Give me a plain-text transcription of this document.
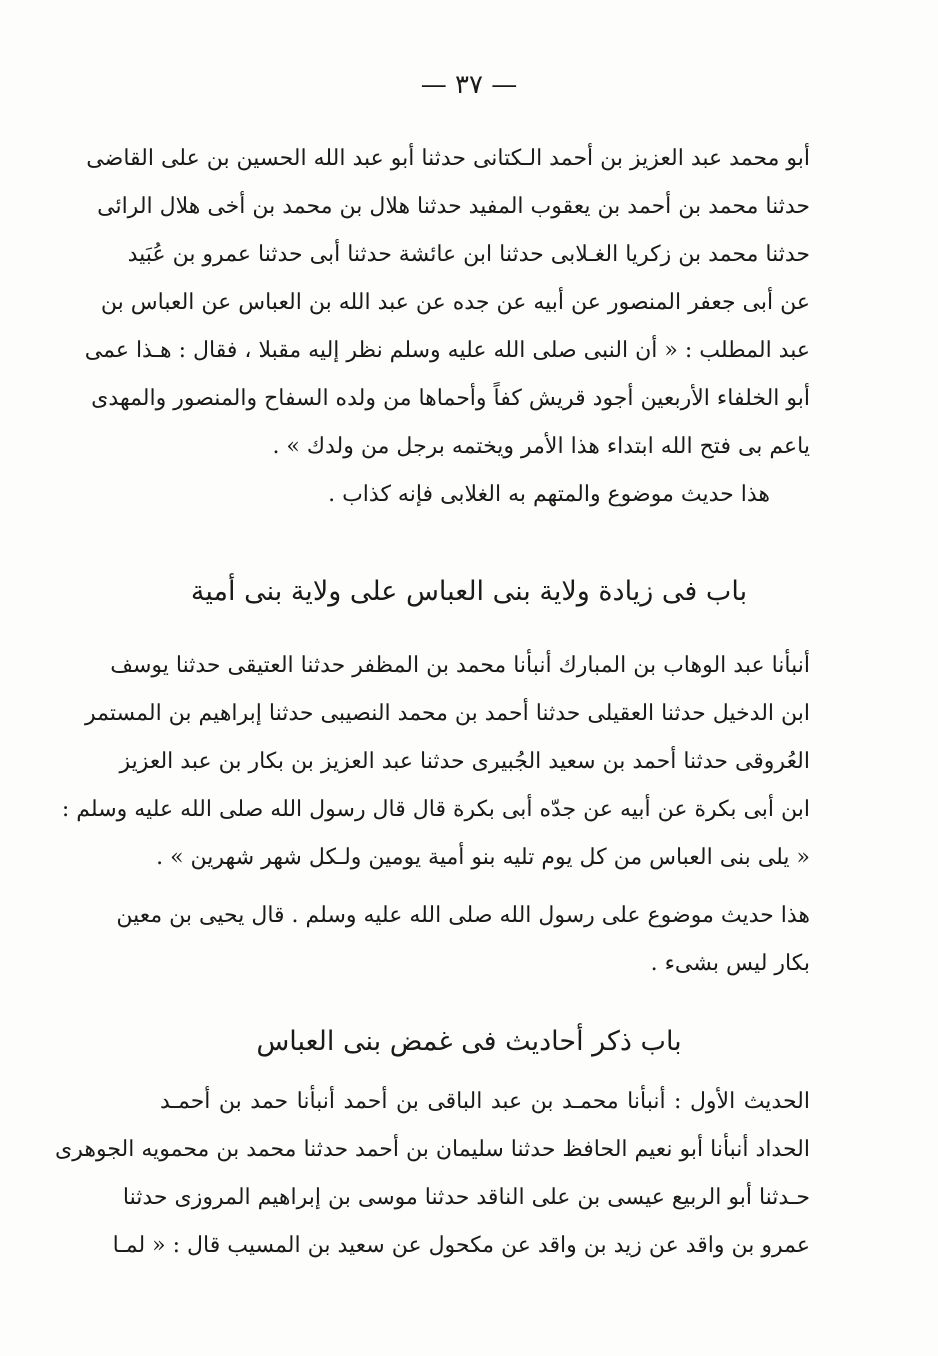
— ٣٧ —
أبو محمد عبد العزيز بن أحمد الـكتانى حدثنا أبو عبد الله الحسين بن على القاضى
حدثنا محمد بن أحمد بن يعقوب المفيد حدثنا هلال بن محمد بن أخى هلال الرائى
حدثنا محمد بن زكريا الغـلابى حدثنا ابن عائشة حدثنا أبى حدثنا عمرو بن عُبَيد
عن أبى جعفر المنصور عن أبيه عن جده عن عبد الله بن العباس عن العباس بن
عبد المطلب : « أن النبى صلى الله عليه وسلم نظر إليه مقبلا ، فقال : هـذا عمى
أبو الخلفاء الأربعين أجود قريش كفاً وأحماها من ولده السفاح والمنصور والمهدى
ياعم بى فتح الله ابتداء هذا الأمر ويختمه برجل من ولدك » .
هذا حديث موضوع والمتهم به الغلابى فإنه كذاب .
باب فى زيادة ولاية بنى العباس على ولاية بنى أمية
أنبأنا عبد الوهاب بن المبارك أنبأنا محمد بن المظفر حدثنا العتيقى حدثنا يوسف
ابن الدخيل حدثنا العقيلى حدثنا أحمد بن محمد النصيبى حدثنا إبراهيم بن المستمر
العُروقى حدثنا أحمد بن سعيد الجُبيرى حدثنا عبد العزيز بن بكار بن عبد العزيز
ابن أبى بكرة عن أبيه عن جدّه أبى بكرة قال قال رسول الله صلى الله عليه وسلم :
« يلى بنى العباس من كل يوم تليه بنو أمية يومين ولـكل شهر شهرين » .
هذا حديث موضوع على رسول الله صلى الله عليه وسلم . قال يحيى بن معين
بكار ليس بشىء .
باب ذكر أحاديث فى غمض بنى العباس
الحديث الأول : أنبأنا محمـد بن عبد الباقى بن أحمد أنبأنا حمد بن أحمـد
الحداد أنبأنا أبو نعيم الحافظ حدثنا سليمان بن أحمد حدثنا محمد بن محمويه الجوهرى
حـدثنا أبو الربيع عيسى بن على الناقد حدثنا موسى بن إبراهيم المروزى حدثنا
عمرو بن واقد عن زيد بن واقد عن مكحول عن سعيد بن المسيب قال : « لمـا
